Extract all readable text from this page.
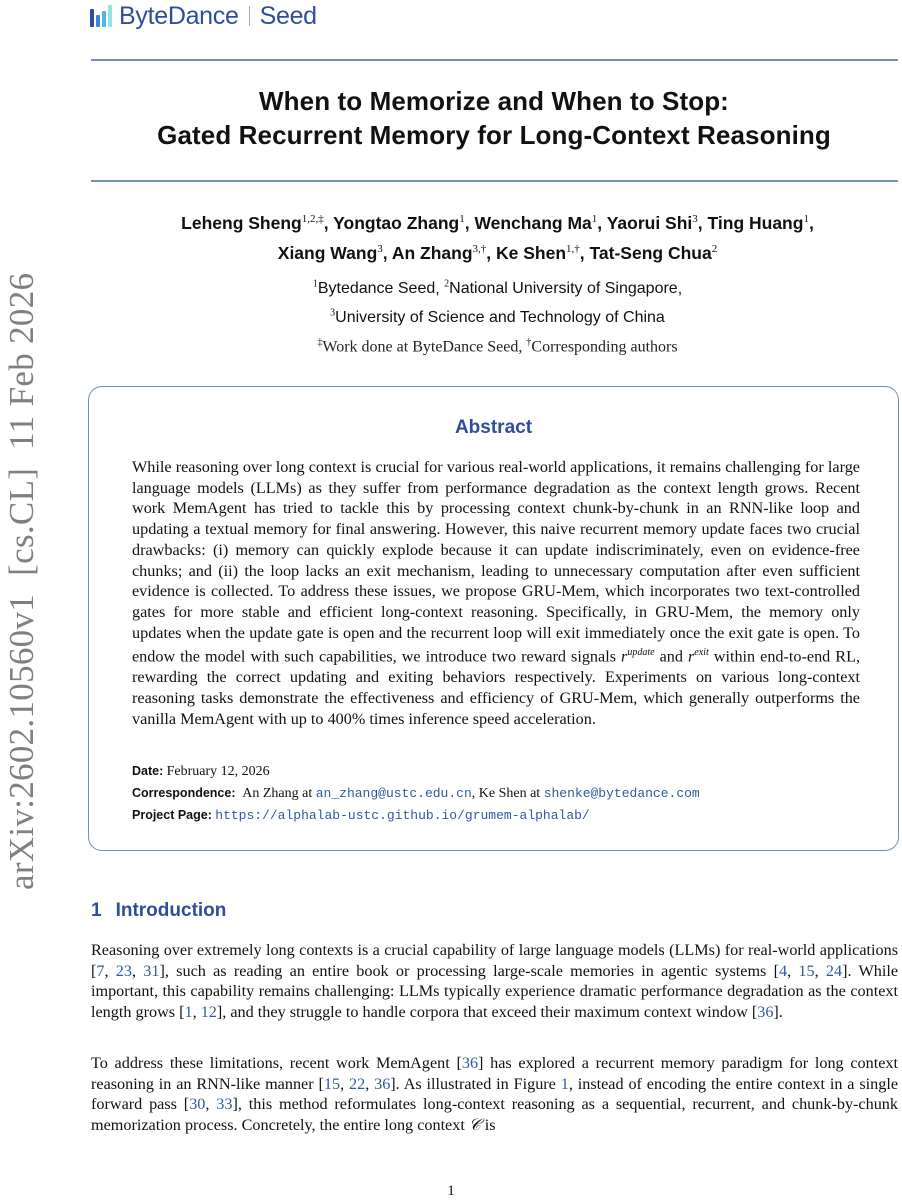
arXiv:2602.10560v1  [cs.CL]  11 Feb 2026
ByteDance Seed
When to Memorize and When to Stop:
Gated Recurrent Memory for Long-Context Reasoning
Leheng Sheng$^{1,2,\ddagger}$, Yongtao Zhang$^1$, Wenchang Ma$^1$, Yaorui Shi$^3$, Ting Huang$^1$,
Xiang Wang$^3$, An Zhang$^{3,\dagger}$, Ke Shen$^{1,\dagger}$, Tat-Seng Chua$^2$
$^1$Bytedance Seed, $^2$National University of Singapore,
$^3$University of Science and Technology of China
‡Work done at ByteDance Seed, †Corresponding authors
Abstract
While reasoning over long context is crucial for various real-world applications, it remains challenging for large language models (LLMs) as they suffer from performance degradation as the context length grows. Recent work MemAgent has tried to tackle this by processing context chunk-by-chunk in an RNN-like loop and updating a textual memory for final answering. However, this naive recurrent memory update faces two crucial drawbacks: (i) memory can quickly explode because it can update indiscriminately, even on evidence-free chunks; and (ii) the loop lacks an exit mechanism, leading to unnecessary computation after even sufficient evidence is collected. To address these issues, we propose GRU-Mem, which incorporates two text-controlled gates for more stable and efficient long-context reasoning. Specifically, in GRU-Mem, the memory only updates when the update gate is open and the recurrent loop will exit immediately once the exit gate is open. To endow the model with such capabilities, we introduce two reward signals $r^{update}$ and $r^{exit}$ within end-to-end RL, rewarding the correct updating and exiting behaviors respectively. Experiments on various long-context reasoning tasks demonstrate the effectiveness and efficiency of GRU-Mem, which generally outperforms the vanilla MemAgent with up to 400% times inference speed acceleration.
Date: February 12, 2026
Correspondence: An Zhang at an_zhang@ustc.edu.cn, Ke Shen at shenke@bytedance.com
Project Page: https://alphalab-ustc.github.io/grumem-alphalab/
1 Introduction
Reasoning over extremely long contexts is a crucial capability of large language models (LLMs) for real-world applications [7, 23, 31], such as reading an entire book or processing large-scale memories in agentic systems [4, 15, 24]. While important, this capability remains challenging: LLMs typically experience dramatic performance degradation as the context length grows [1, 12], and they struggle to handle corpora that exceed their maximum context window [36].
To address these limitations, recent work MemAgent [36] has explored a recurrent memory paradigm for long context reasoning in an RNN-like manner [15, 22, 36]. As illustrated in Figure 1, instead of encoding the entire context in a single forward pass [30, 33], this method reformulates long-context reasoning as a sequential, recurrent, and chunk-by-chunk memorization process. Concretely, the entire long context 𝒞 is
1
